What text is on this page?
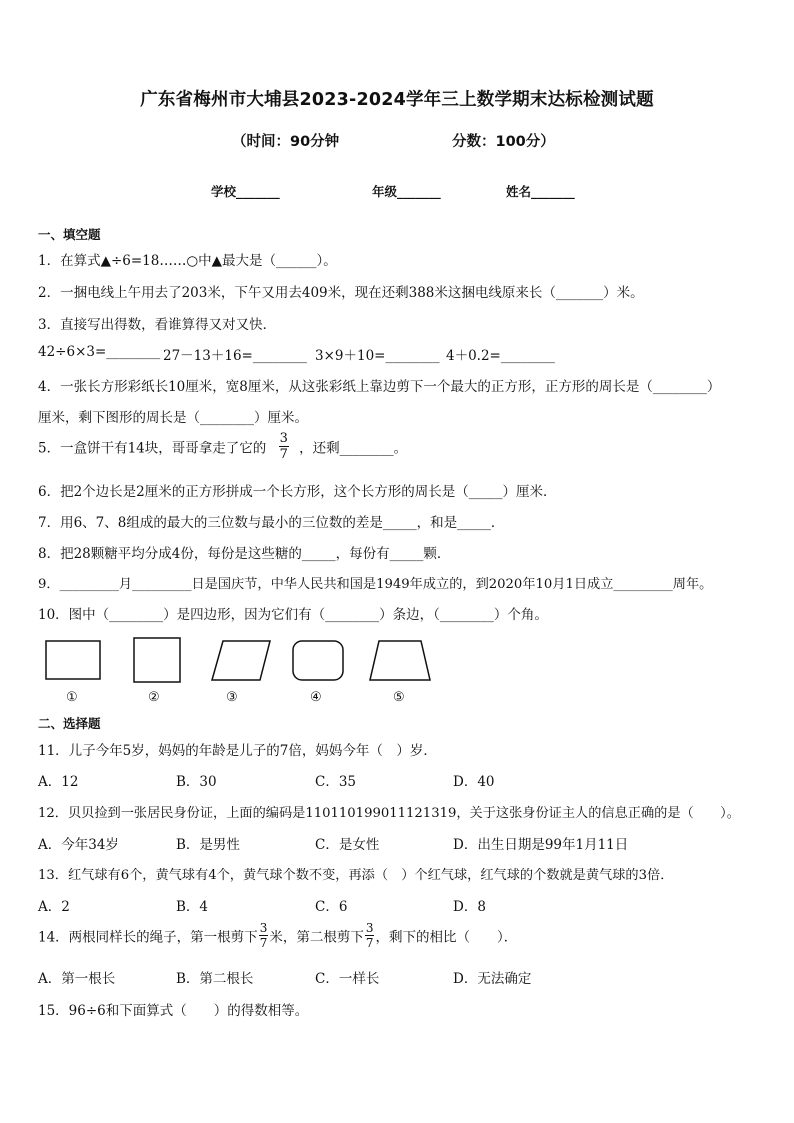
广东省梅州市大埔县2023-2024学年三上数学期末达标检测试题
（时间：90分钟	分数：100分）
学校_______	年级_______	姓名_______
一、填空题
1．在算式▲÷6=18……○中▲最大是（______）。
2．一捆电线上午用去了203米，下午又用去409米，现在还剩388米这捆电线原来长（_______）米。
3．直接写出得数，看谁算得又对又快．
42÷6×3=________ 27－13＋16=________ 3×9＋10=________ 4＋0.2=________
4．一张长方形彩纸长10厘米，宽8厘米，从这张彩纸上靠边剪下一个最大的正方形，正方形的周长是（________）
厘米，剩下图形的周长是（________）厘米。
5．一盒饼干有14块，哥哥拿走了它的 $\frac{3}{7}$ ，还剩________。
6．把2个边长是2厘米的正方形拼成一个长方形，这个长方形的周长是（_____）厘米．
7．用6、7、8组成的最大的三位数与最小的三位数的差是_____，和是_____．
8．把28颗糖平均分成4份，每份是这些糖的_____，每份有_____颗．
9．_________月_________日是国庆节，中华人民共和国是1949年成立的，到2020年10月1日成立_________周年。
10．图中（________）是四边形，因为它们有（________）条边，（________）个角。
①	②	③	④	⑤
二、选择题
11．儿子今年5岁，妈妈的年龄是儿子的7倍，妈妈今年（　）岁．
A．12	B．30	C．35	D．40
12．贝贝捡到一张居民身份证，上面的编码是110110199011121319，关于这张身份证主人的信息正确的是（　　）。
A．今年34岁	B．是男性	C．是女性	D．出生日期是99年1月11日
13．红气球有6个，黄气球有4个，黄气球个数不变，再添（　）个红气球，红气球的个数就是黄气球的3倍．
A．2	B．4	C．6	D．8
14．两根同样长的绳子，第一根剪下 $\frac{3}{7}$ 米，第二根剪下 $\frac{3}{7}$ ，剩下的相比（　　）．
A．第一根长	B．第二根长	C．一样长	D．无法确定
15．96÷6和下面算式（　　）的得数相等。
